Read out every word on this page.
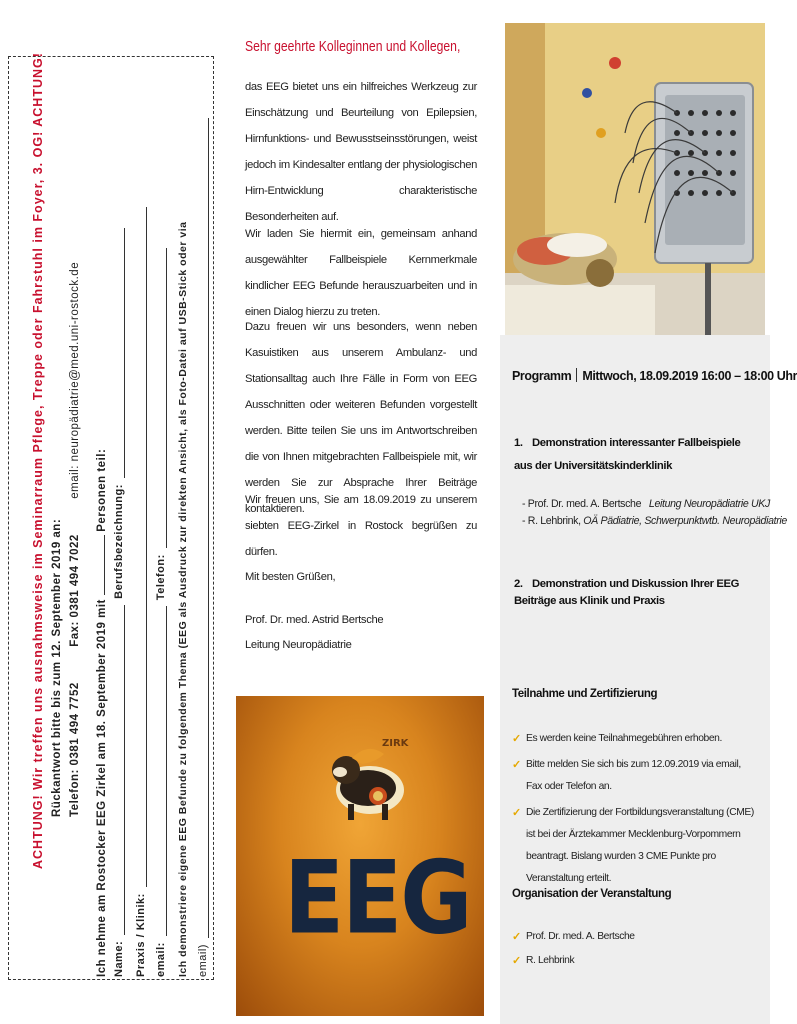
ACHTUNG! Wir treffen uns ausnahmsweise im Seminarraum Pflege, Treppe oder Fahrstuhl im Foyer, 3. OG! ACHTUNG! Rückantwort bitte bis zum 12. September 2019 an: Telefon: 0381 494 7752  Fax: 0381 494 7022  email: neuropädiatrie@med.uni-rostock.de
Ich nehme am Rostocker EEG Zirkel am 18. September 2019 mit  Personen teil:
Name:
Berufsbezeichnung:
Praxis / Klinik: email:
Telefon: Ich demonstriere eigene EEG Befunde zu folgendem Thema (EEG als Ausdruck zur direkten Ansicht, als Foto-Datei auf USB-Stick oder via email)
Sehr geehrte Kolleginnen und Kollegen,
das EEG bietet uns ein hilfreiches Werkzeug zur Einschätzung und Beurteilung von Epilepsien, Hirnfunktions- und Bewusstseinsstörungen, weist jedoch im Kindesalter entlang der physiologischen Hirn-Entwicklung charakteristische Besonderheiten auf.
Wir laden Sie hiermit ein, gemeinsam anhand ausgewählter Fallbeispiele Kernmerkmale kindlicher EEG Befunde herauszuarbeiten und in einen Dialog hierzu zu treten.
Dazu freuen wir uns besonders, wenn neben Kasuistiken aus unserem Ambulanz- und Stationsalltag auch Ihre Fälle in Form von EEG Ausschnitten oder weiteren Befunden vorgestellt werden. Bitte teilen Sie uns im Antwortschreiben die von Ihnen mitgebrachten Fallbeispiele mit, wir werden Sie zur Absprache Ihrer Beiträge kontaktieren.
Wir freuen uns, Sie am 18.09.2019 zu unserem siebten EEG-Zirkel in Rostock begrüßen zu dürfen.
Mit besten Grüßen,
Prof. Dr. med. Astrid Bertsche
Leitung Neuropädiatrie
ZIRK
EEG
Programm Mittwoch, 18.09.2019 16:00 – 18:00 Uhr
1. Demonstration interessanter Fallbeispiele aus der Universitätskinderklinik
- Prof. Dr. med. A. Bertsche Leitung Neuropädiatrie UKJ
- R. Lehbrink, OÄ Pädiatrie, Schwerpunktwtb. Neuropädiatrie
2. Demonstration und Diskussion Ihrer EEG Beiträge aus Klinik und Praxis
Teilnahme und Zertifizierung
✓ Es werden keine Teilnahmegebühren erhoben.
✓ Bitte melden Sie sich bis zum 12.09.2019 via email, Fax oder Telefon an.
✓ Die Zertifizierung der Fortbildungsveranstaltung (CME) ist bei der Ärztekammer Mecklenburg-Vorpommern beantragt. Bislang wurden 3 CME Punkte pro Veranstaltung erteilt.
Organisation der Veranstaltung
✓ Prof. Dr. med. A. Bertsche
✓ R. Lehbrink
